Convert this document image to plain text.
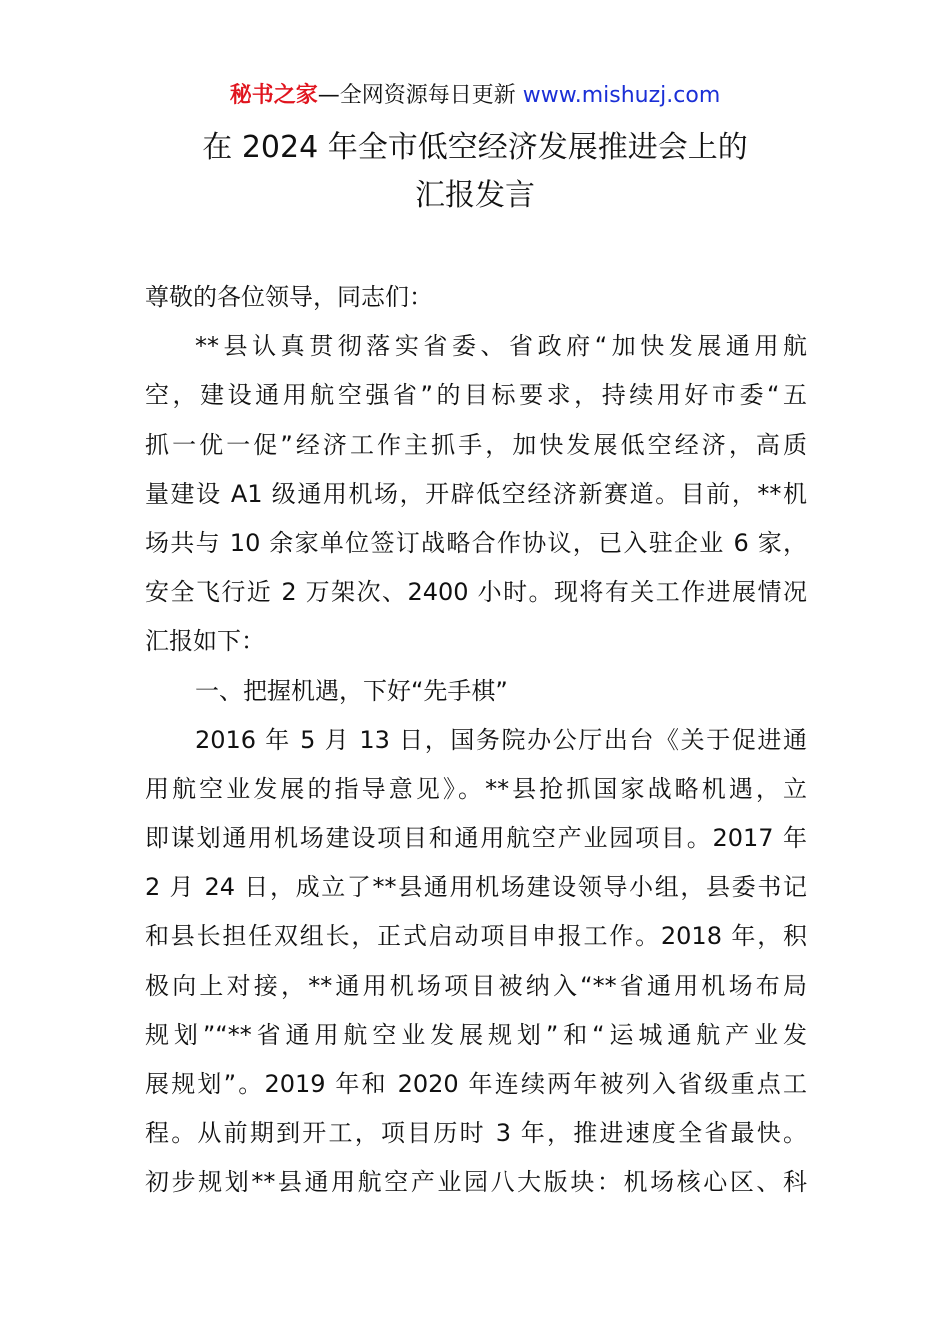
秘书之家—全网资源每日更新 www.mishuzj.com
在 2024 年全市低空经济发展推进会上的
汇报发言
尊敬的各位领导，同志们：
**县认真贯彻落实省委、省政府“加快发展通用航
空，建设通用航空强省”的目标要求，持续用好市委“五
抓一优一促”经济工作主抓手，加快发展低空经济，高质
量建设 A1 级通用机场，开辟低空经济新赛道。目前，**机
场共与 10 余家单位签订战略合作协议，已入驻企业 6 家，
安全飞行近 2 万架次、2400 小时。现将有关工作进展情况
汇报如下：
一、把握机遇，下好“先手棋”
2016 年 5 月 13 日，国务院办公厅出台《关于促进通
用航空业发展的指导意见》。**县抢抓国家战略机遇，立
即谋划通用机场建设项目和通用航空产业园项目。2017 年
2 月 24 日，成立了**县通用机场建设领导小组，县委书记
和县长担任双组长，正式启动项目申报工作。2018 年，积
极向上对接，**通用机场项目被纳入“**省通用机场布局
规划”“**省通用航空业发展规划”和“运城通航产业发
展规划”。2019 年和 2020 年连续两年被列入省级重点工
程。从前期到开工，项目历时 3 年，推进速度全省最快。
初步规划**县通用航空产业园八大版块：机场核心区、科
